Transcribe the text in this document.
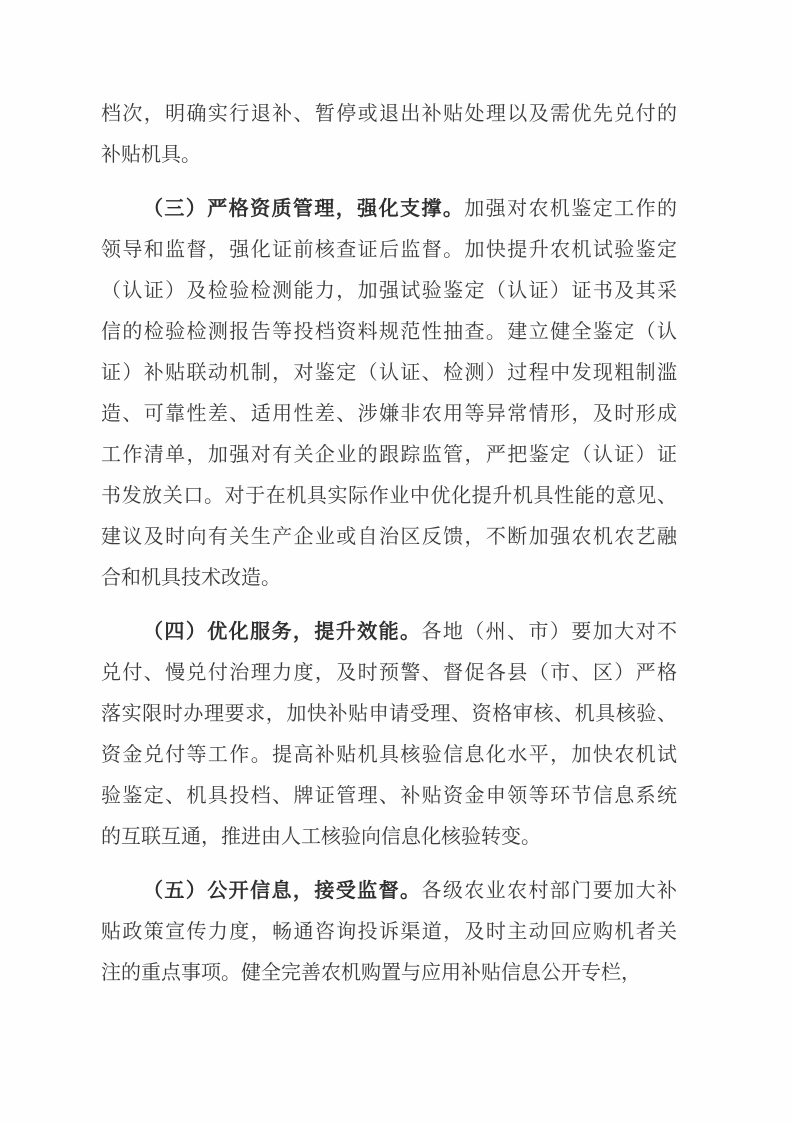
档次，明确实行退补、暂停或退出补贴处理以及需优先兑付的
补贴机具。
（三）严格资质管理，强化支撑。加强对农机鉴定工作的
领导和监督，强化证前核查证后监督。加快提升农机试验鉴定
（认证）及检验检测能力，加强试验鉴定（认证）证书及其采
信的检验检测报告等投档资料规范性抽查。建立健全鉴定（认
证）补贴联动机制，对鉴定（认证、检测）过程中发现粗制滥
造、可靠性差、适用性差、涉嫌非农用等异常情形，及时形成
工作清单，加强对有关企业的跟踪监管，严把鉴定（认证）证
书发放关口。对于在机具实际作业中优化提升机具性能的意见、
建议及时向有关生产企业或自治区反馈，不断加强农机农艺融
合和机具技术改造。
（四）优化服务，提升效能。各地（州、市）要加大对不
兑付、慢兑付治理力度，及时预警、督促各县（市、区）严格
落实限时办理要求，加快补贴申请受理、资格审核、机具核验、
资金兑付等工作。提高补贴机具核验信息化水平，加快农机试
验鉴定、机具投档、牌证管理、补贴资金申领等环节信息系统
的互联互通，推进由人工核验向信息化核验转变。
（五）公开信息，接受监督。各级农业农村部门要加大补
贴政策宣传力度，畅通咨询投诉渠道，及时主动回应购机者关
注的重点事项。健全完善农机购置与应用补贴信息公开专栏，
